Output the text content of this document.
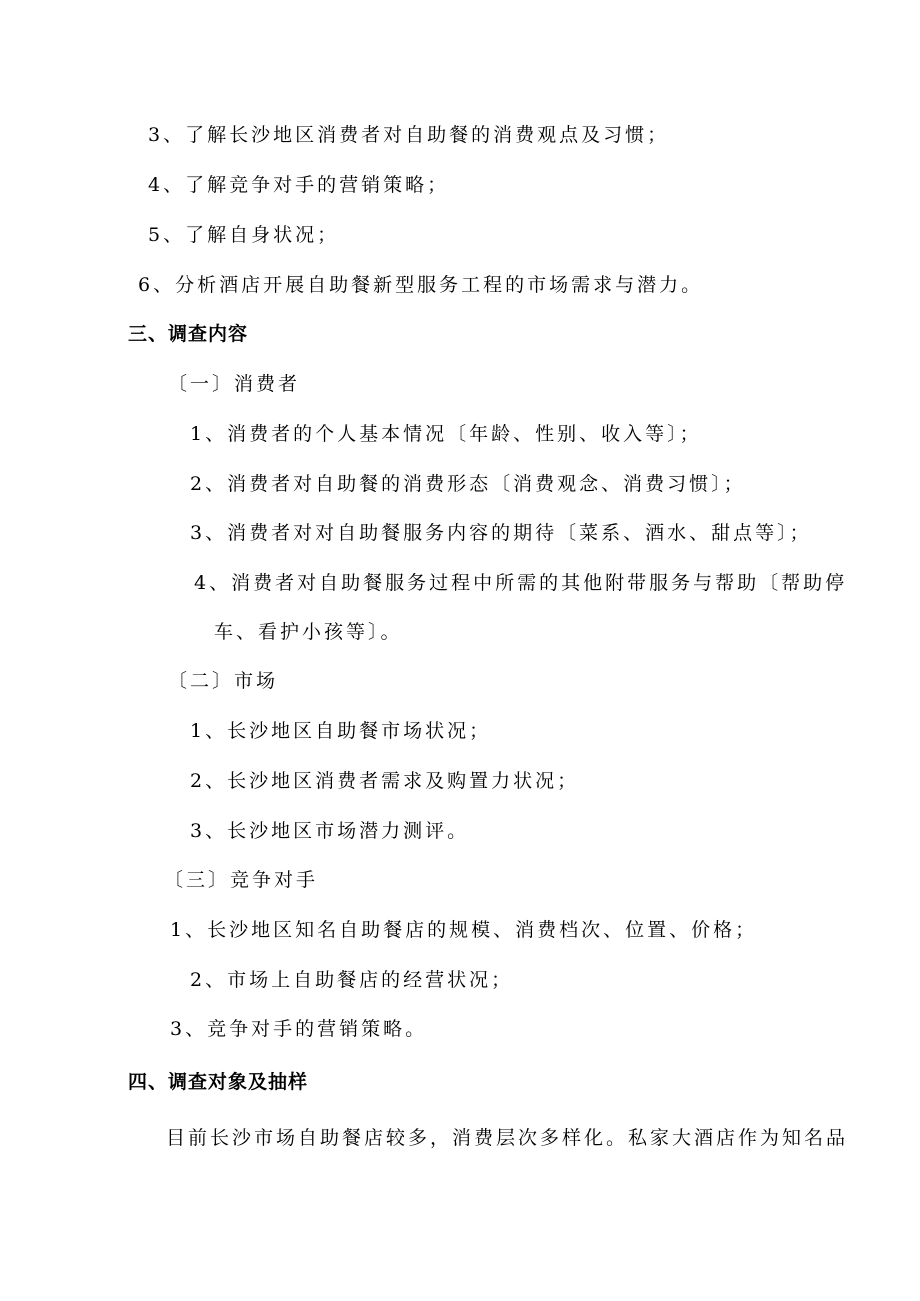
3、了解长沙地区消费者对自助餐的消费观点及习惯；
4、了解竞争对手的营销策略；
5、了解自身状况；
6、分析酒店开展自助餐新型服务工程的市场需求与潜力。
三、调查内容
〔一〕消费者
1、消费者的个人基本情况〔年龄、性别、收入等〕；
2、消费者对自助餐的消费形态〔消费观念、消费习惯〕；
3、消费者对对自助餐服务内容的期待〔菜系、酒水、甜点等〕；
4、消费者对自助餐服务过程中所需的其他附带服务与帮助〔帮助停
车、看护小孩等〕。
〔二〕市场
1、长沙地区自助餐市场状况；
2、长沙地区消费者需求及购置力状况；
3、长沙地区市场潜力测评。
〔三〕竞争对手
1、长沙地区知名自助餐店的规模、消费档次、位置、价格；
2、市场上自助餐店的经营状况；
3、竞争对手的营销策略。
四、调查对象及抽样
目前长沙市场自助餐店较多，消费层次多样化。私家大酒店作为知名品
